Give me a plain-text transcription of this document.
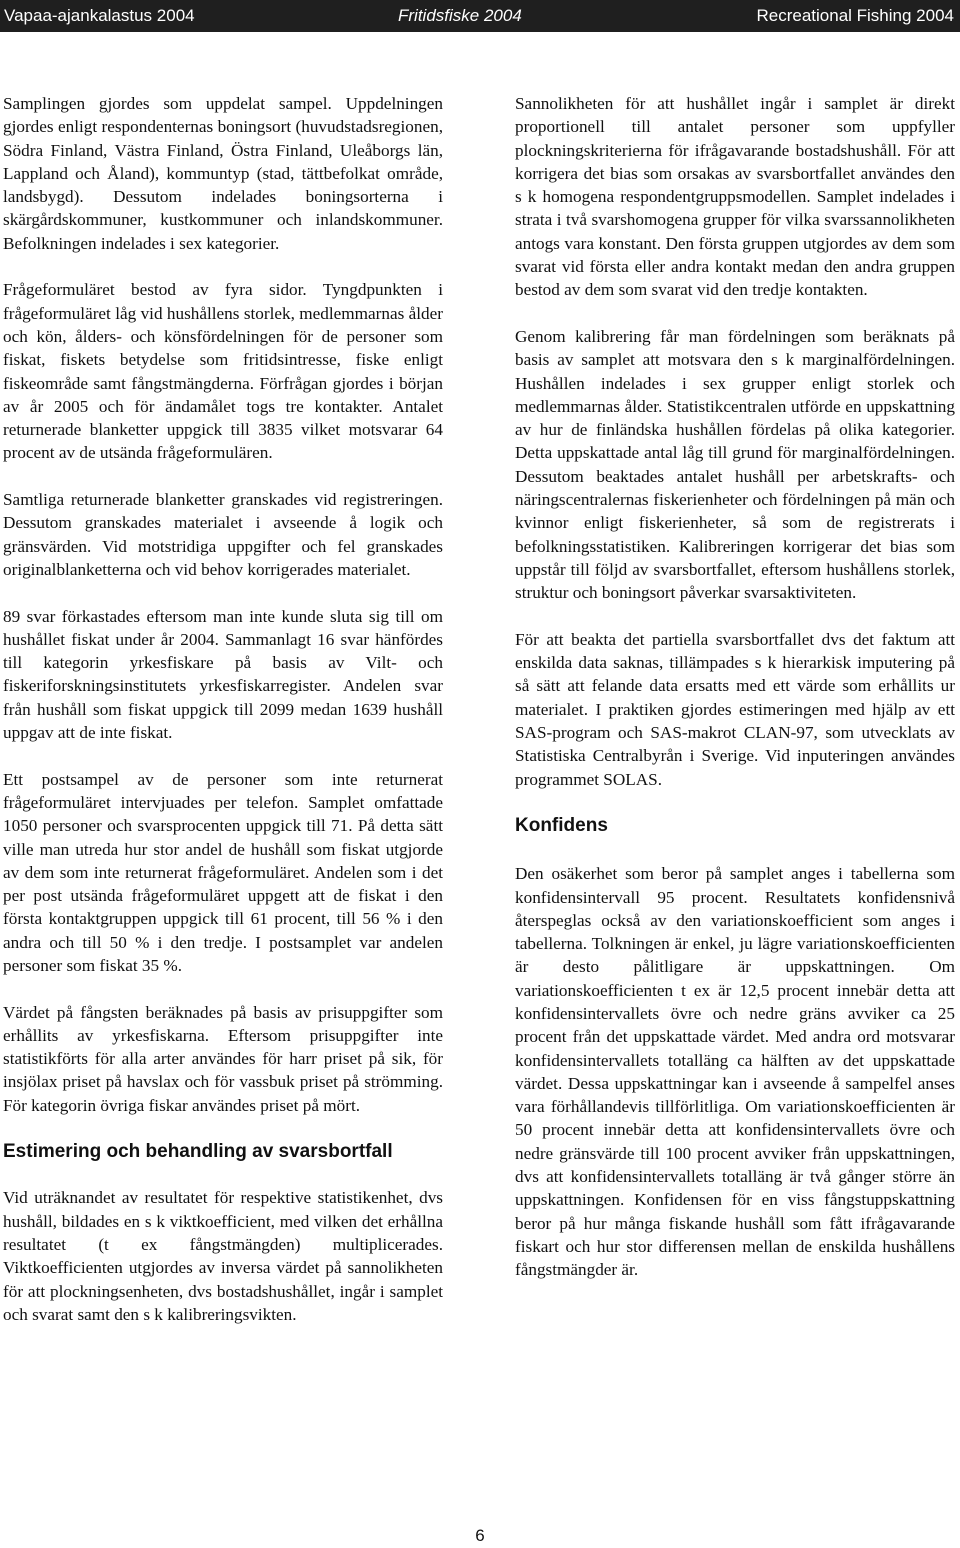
Vapaa-ajankalastus 2004	Fritidsfiske 2004	Recreational Fishing 2004

Samplingen gjordes som uppdelat sampel. Uppdelningen gjordes enligt respondenternas boningsort (huvudstadsregionen, Södra Finland, Västra Finland, Östra Finland, Uleåborgs län, Lappland och Åland), kommuntyp (stad, tättbefolkat område, landsbygd). Dessutom indelades boningsorterna i skärgårdskommuner, kustkommuner och inlandskommuner. Befolkningen indelades i sex kategorier.

Frågeformuläret bestod av fyra sidor. Tyngdpunkten i frågeformuläret låg vid hushållens storlek, medlemmarnas ålder och kön, ålders- och könsfördelningen för de personer som fiskat, fiskets betydelse som fritidsintresse, fiske enligt fiskeområde samt fångstmängderna. Förfrågan gjordes i början av år 2005 och för ändamålet togs tre kontakter. Antalet returnerade blanketter uppgick till 3835 vilket motsvarar 64 procent av de utsända frågeformulären.

Samtliga returnerade blanketter granskades vid registreringen. Dessutom granskades materialet i avseende å logik och gränsvärden. Vid motstridiga uppgifter och fel granskades originalblanketterna och vid behov korrigerades materialet.

89 svar förkastades eftersom man inte kunde sluta sig till om hushållet fiskat under år 2004. Sammanlagt 16 svar hänfördes till kategorin yrkesfiskare på basis av Vilt- och fiskeriforskningsinstitutets yrkesfiskarregister. Andelen svar från hushåll som fiskat uppgick till 2099 medan 1639 hushåll uppgav att de inte fiskat.

Ett postsampel av de personer som inte returnerat frågeformuläret intervjuades per telefon. Samplet omfattade 1050 personer och svarsprocenten uppgick till 71. På detta sätt ville man utreda hur stor andel de hushåll som fiskat utgjorde av dem som inte returnerat frågeformuläret. Andelen som i det per post utsända frågeformuläret uppgett att de fiskat i den första kontaktgruppen uppgick till 61 procent, till 56 % i den andra och till 50 % i den tredje. I postsamplet var andelen personer som fiskat 35 %.

Värdet på fångsten beräknades på basis av prisuppgifter som erhållits av yrkesfiskarna. Eftersom prisuppgifter inte statistikförts för alla arter användes för harr priset på sik, för insjölax priset på havslax och för vassbuk priset på strömming. För kategorin övriga fiskar användes priset på mört.

Estimering och behandling av svarsbortfall

Vid uträknandet av resultatet för respektive statistikenhet, dvs hushåll, bildades en s k viktkoefficient, med vilken det erhållna resultatet (t ex fångstmängden) multiplicerades. Viktkoefficienten utgjordes av inversa värdet på sannolikheten för att plockningsenheten, dvs bostadshushållet, ingår i samplet och svarat samt den s k kalibreringsvikten.

Sannolikheten för att hushållet ingår i samplet är direkt proportionell till antalet personer som uppfyller plockningskriterierna för ifrågavarande bostadshushåll. För att korrigera det bias som orsakas av svarsbortfallet användes den s k homogena respondentgruppsmodellen. Samplet indelades i strata i två svarshomogena grupper för vilka svarssannolikheten antogs vara konstant. Den första gruppen utgjordes av dem som svarat vid första eller andra kontakt medan den andra gruppen bestod av dem som svarat vid den tredje kontakten.

Genom kalibrering får man fördelningen som beräknats på basis av samplet att motsvara den s k marginalfördelningen. Hushållen indelades i sex grupper enligt storlek och medlemmarnas ålder. Statistikcentralen utförde en uppskattning av hur de finländska hushållen fördelas på olika kategorier. Detta uppskattade antal låg till grund för marginalfördelningen. Dessutom beaktades antalet hushåll per arbetskrafts- och näringscentralernas fiskerienheter och fördelningen på män och kvinnor enligt fiskerienheter, så som de registrerats i befolkningsstatistiken. Kalibreringen korrigerar det bias som uppstår till följd av svarsbortfallet, eftersom hushållens storlek, struktur och boningsort påverkar svarsaktiviteten.

För att beakta det partiella svarsbortfallet dvs det faktum att enskilda data saknas, tillämpades s k hierarkisk imputering på så sätt att felande data ersatts med ett värde som erhållits ur materialet. I praktiken gjordes estimeringen med hjälp av ett SAS-program och SAS-makrot CLAN-97, som utvecklats av Statistiska Centralbyrån i Sverige. Vid inputeringen användes programmet SOLAS.

Konfidens

Den osäkerhet som beror på samplet anges i tabellerna som konfidensintervall 95 procent. Resultatets konfidensnivå återspeglas också av den variationskoefficient som anges i tabellerna. Tolkningen är enkel, ju lägre variationskoefficienten är desto pålitligare är uppskattningen. Om variationskoefficienten t ex är 12,5 procent innebär detta att konfidensintervallets övre och nedre gräns avviker ca 25 procent från det uppskattade värdet. Med andra ord motsvarar konfidensintervallets totalläng ca hälften av det uppskattade värdet. Dessa uppskattningar kan i avseende å sampelfel anses vara förhållandevis tillförlitliga. Om variationskoefficienten är 50 procent innebär detta att konfidensintervallets övre och nedre gränsvärde till 100 procent avviker från uppskattningen, dvs att konfidensintervallets totalläng är två gånger större än uppskattningen. Konfidensen för en viss fångstuppskattning beror på hur många fiskande hushåll som fått ifrågavarande fiskart och hur stor differensen mellan de enskilda hushållens fångstmängder är.

6
